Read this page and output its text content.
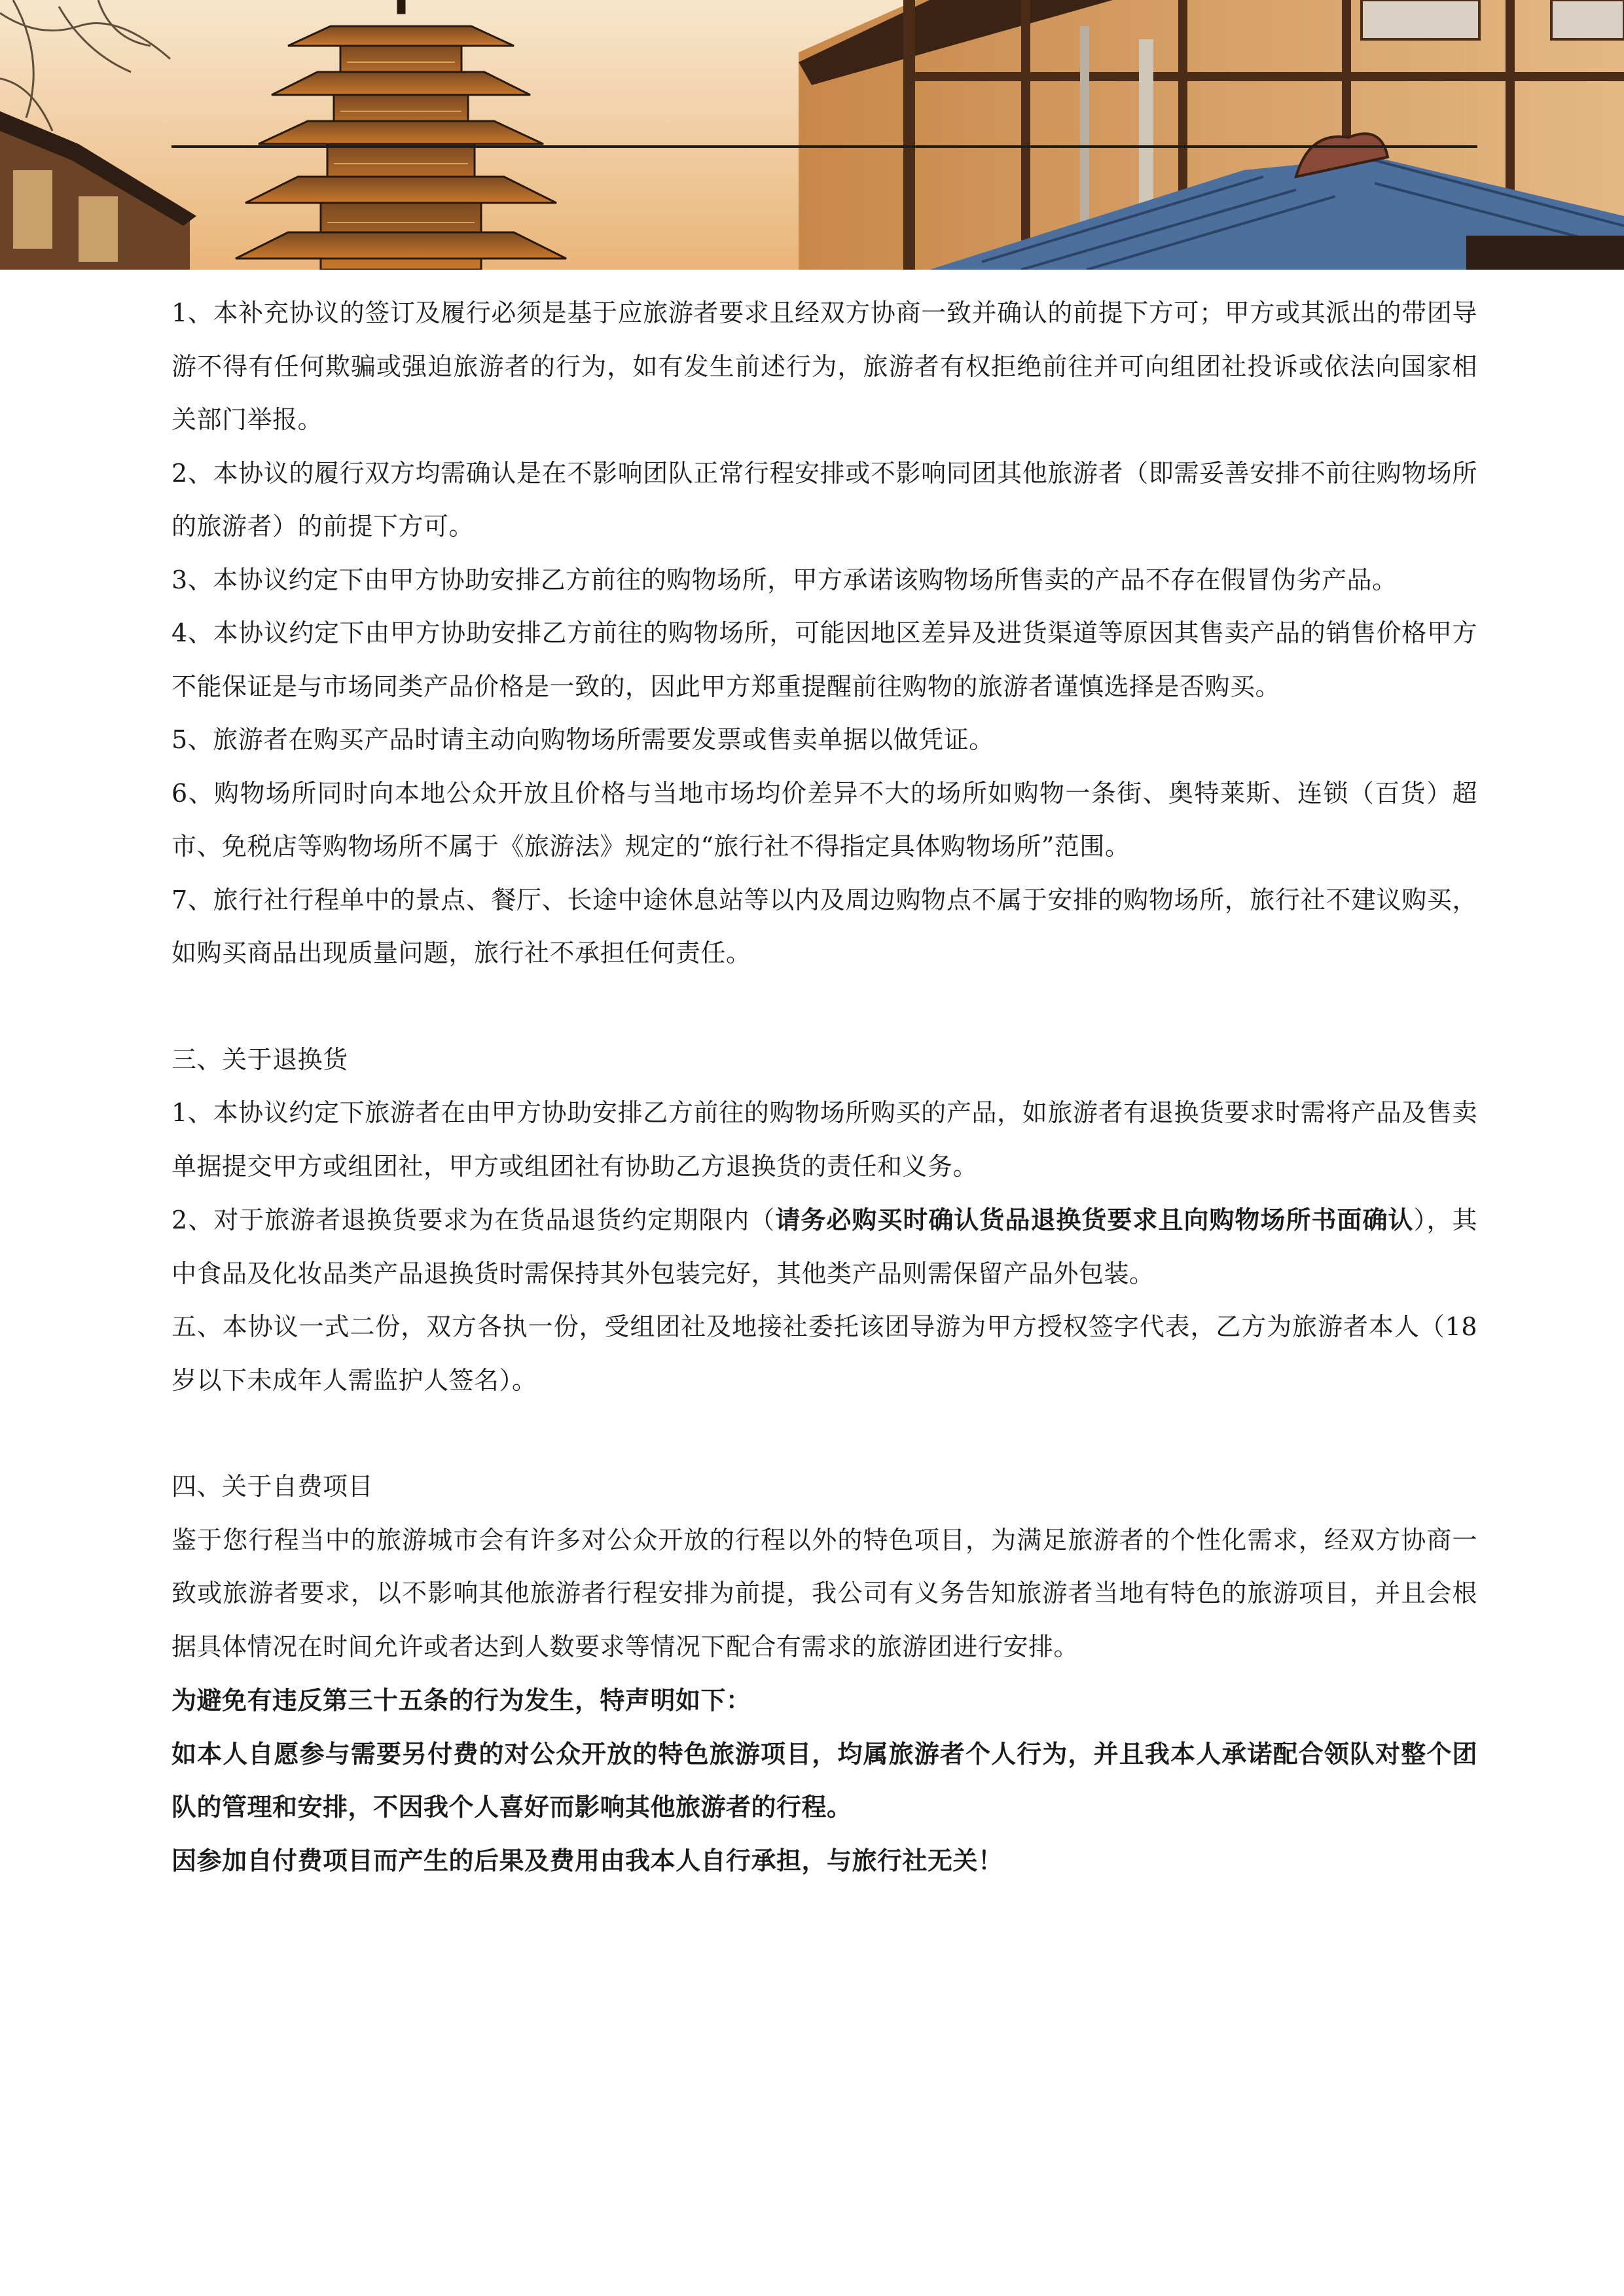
1、本补充协议的签订及履行必须是基于应旅游者要求且经双方协商一致并确认的前提下方可；甲方或其派出的带团导游不得有任何欺骗或强迫旅游者的行为，如有发生前述行为，旅游者有权拒绝前往并可向组团社投诉或依法向国家相关部门举报。

2、本协议的履行双方均需确认是在不影响团队正常行程安排或不影响同团其他旅游者（即需妥善安排不前往购物场所的旅游者）的前提下方可。

3、本协议约定下由甲方协助安排乙方前往的购物场所，甲方承诺该购物场所售卖的产品不存在假冒伪劣产品。

4、本协议约定下由甲方协助安排乙方前往的购物场所，可能因地区差异及进货渠道等原因其售卖产品的销售价格甲方不能保证是与市场同类产品价格是一致的，因此甲方郑重提醒前往购物的旅游者谨慎选择是否购买。

5、旅游者在购买产品时请主动向购物场所需要发票或售卖单据以做凭证。

6、购物场所同时向本地公众开放且价格与当地市场均价差异不大的场所如购物一条街、奥特莱斯、连锁（百货）超市、免税店等购物场所不属于《旅游法》规定的“旅行社不得指定具体购物场所”范围。

7、旅行社行程单中的景点、餐厅、长途中途休息站等以内及周边购物点不属于安排的购物场所，旅行社不建议购买，如购买商品出现质量问题，旅行社不承担任何责任。

三、关于退换货

1、本协议约定下旅游者在由甲方协助安排乙方前往的购物场所购买的产品，如旅游者有退换货要求时需将产品及售卖单据提交甲方或组团社，甲方或组团社有协助乙方退换货的责任和义务。

2、对于旅游者退换货要求为在货品退货约定期限内（请务必购买时确认货品退换货要求且向购物场所书面确认），其中食品及化妆品类产品退换货时需保持其外包装完好，其他类产品则需保留产品外包装。

五、本协议一式二份，双方各执一份，受组团社及地接社委托该团导游为甲方授权签字代表，乙方为旅游者本人（18 岁以下未成年人需监护人签名）。

四、关于自费项目

鉴于您行程当中的旅游城市会有许多对公众开放的行程以外的特色项目，为满足旅游者的个性化需求，经双方协商一致或旅游者要求，以不影响其他旅游者行程安排为前提，我公司有义务告知旅游者当地有特色的旅游项目，并且会根据具体情况在时间允许或者达到人数要求等情况下配合有需求的旅游团进行安排。

为避免有违反第三十五条的行为发生，特声明如下：

如本人自愿参与需要另付费的对公众开放的特色旅游项目，均属旅游者个人行为，并且我本人承诺配合领队对整个团队的管理和安排，不因我个人喜好而影响其他旅游者的行程。

因参加自付费项目而产生的后果及费用由我本人自行承担，与旅行社无关！
